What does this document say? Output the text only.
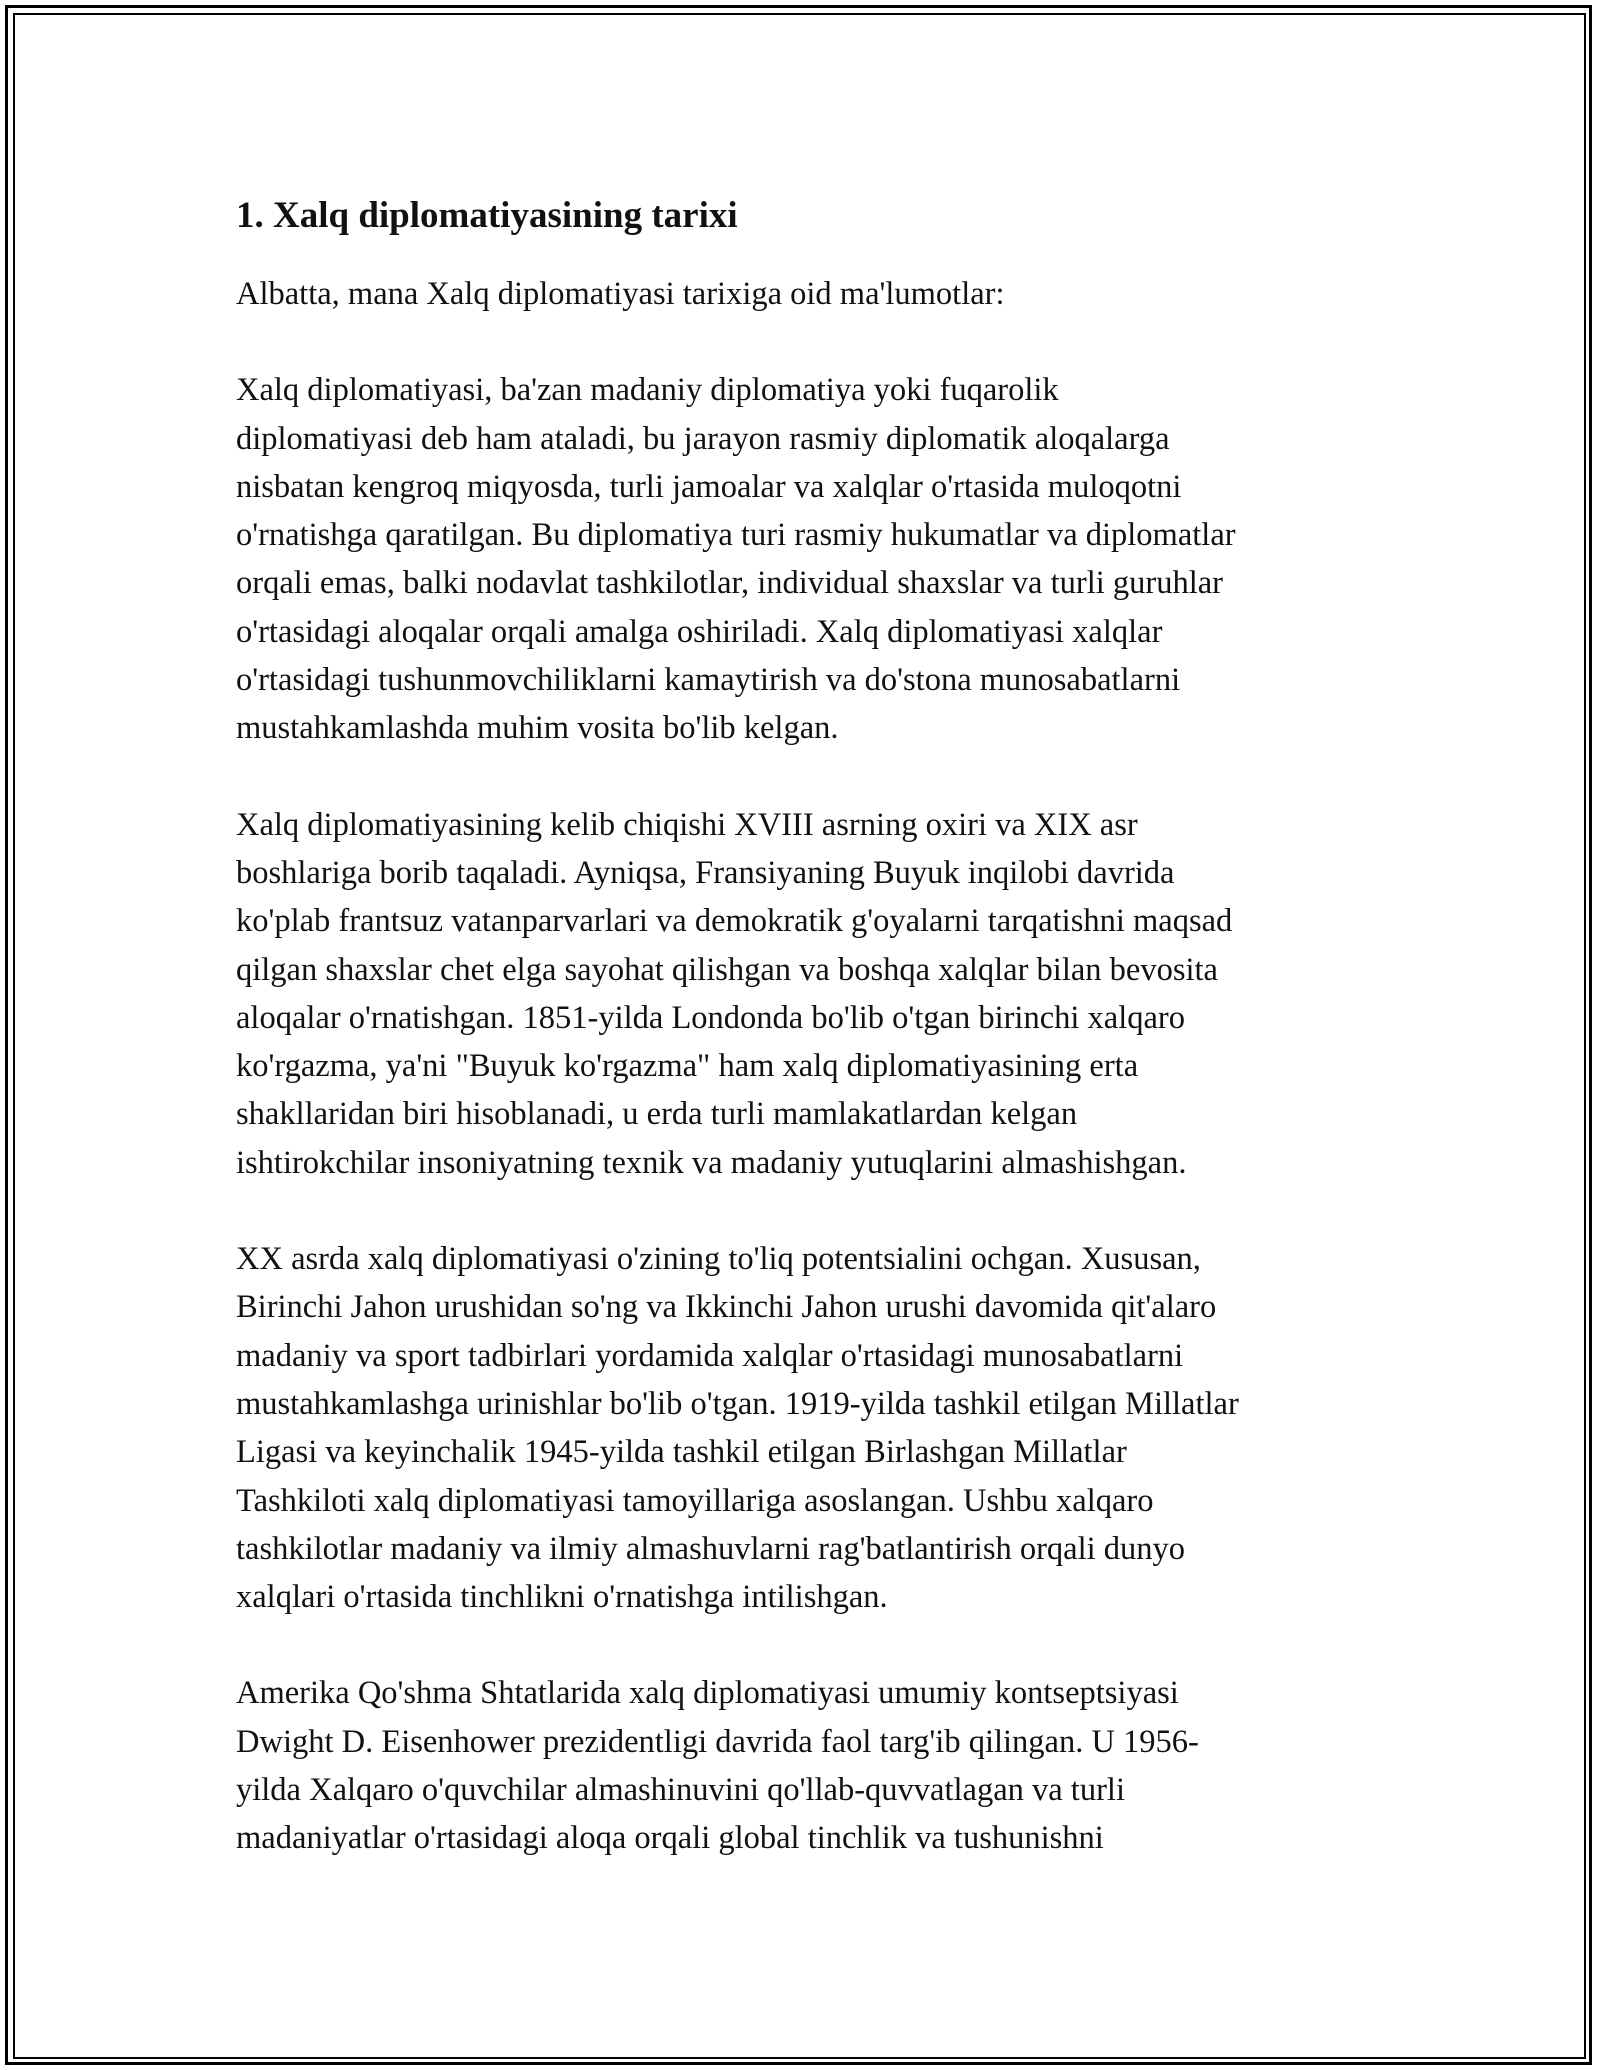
1. Xalq diplomatiyasining tarixi

Albatta, mana Xalq diplomatiyasi tarixiga oid ma'lumotlar:

Xalq diplomatiyasi, ba'zan madaniy diplomatiya yoki fuqarolik
diplomatiyasi deb ham ataladi, bu jarayon rasmiy diplomatik aloqalarga
nisbatan kengroq miqyosda, turli jamoalar va xalqlar o'rtasida muloqotni
o'rnatishga qaratilgan. Bu diplomatiya turi rasmiy hukumatlar va diplomatlar
orqali emas, balki nodavlat tashkilotlar, individual shaxslar va turli guruhlar
o'rtasidagi aloqalar orqali amalga oshiriladi. Xalq diplomatiyasi xalqlar
o'rtasidagi tushunmovchiliklarni kamaytirish va do'stona munosabatlarni
mustahkamlashda muhim vosita bo'lib kelgan.

Xalq diplomatiyasining kelib chiqishi XVIII asrning oxiri va XIX asr
boshlariga borib taqaladi. Ayniqsa, Fransiyaning Buyuk inqilobi davrida
ko'plab frantsuz vatanparvarlari va demokratik g'oyalarni tarqatishni maqsad
qilgan shaxslar chet elga sayohat qilishgan va boshqa xalqlar bilan bevosita
aloqalar o'rnatishgan. 1851-yilda Londonda bo'lib o'tgan birinchi xalqaro
ko'rgazma, ya'ni "Buyuk ko'rgazma" ham xalq diplomatiyasining erta
shakllaridan biri hisoblanadi, u erda turli mamlakatlardan kelgan
ishtirokchilar insoniyatning texnik va madaniy yutuqlarini almashishgan.

XX asrda xalq diplomatiyasi o'zining to'liq potentsialini ochgan. Xususan,
Birinchi Jahon urushidan so'ng va Ikkinchi Jahon urushi davomida qit'alaro
madaniy va sport tadbirlari yordamida xalqlar o'rtasidagi munosabatlarni
mustahkamlashga urinishlar bo'lib o'tgan. 1919-yilda tashkil etilgan Millatlar
Ligasi va keyinchalik 1945-yilda tashkil etilgan Birlashgan Millatlar
Tashkiloti xalq diplomatiyasi tamoyillariga asoslangan. Ushbu xalqaro
tashkilotlar madaniy va ilmiy almashuvlarni rag'batlantirish orqali dunyo
xalqlari o'rtasida tinchlikni o'rnatishga intilishgan.

Amerika Qo'shma Shtatlarida xalq diplomatiyasi umumiy kontseptsiyasi
Dwight D. Eisenhower prezidentligi davrida faol targ'ib qilingan. U 1956-
yilda Xalqaro o'quvchilar almashinuvini qo'llab-quvvatlagan va turli
madaniyatlar o'rtasidagi aloqa orqali global tinchlik va tushunishni
